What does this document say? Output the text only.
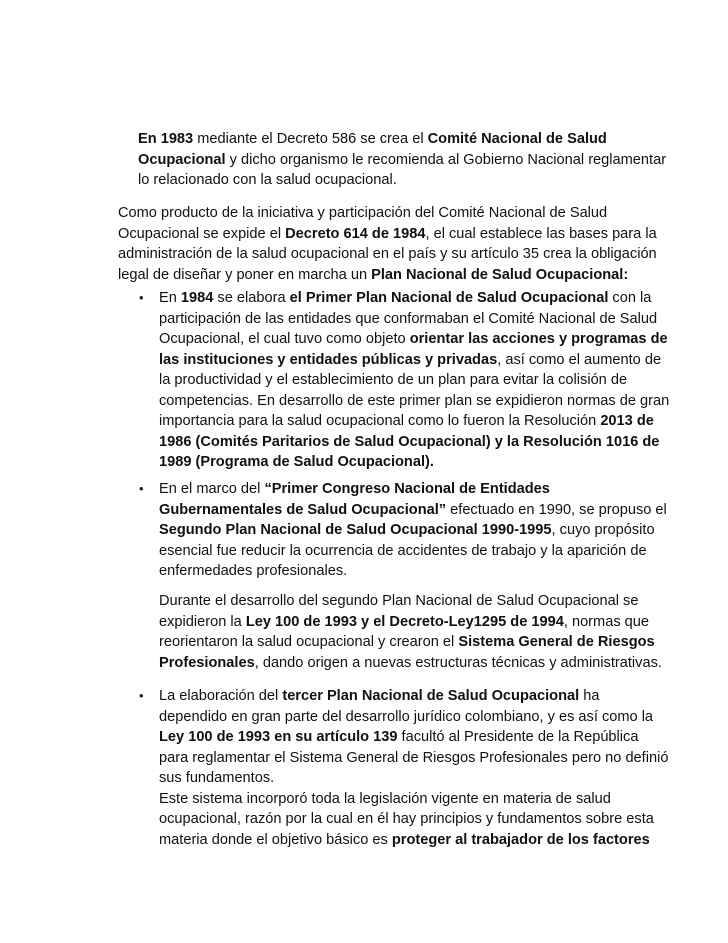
En 1983 mediante el Decreto 586 se crea el Comité Nacional de Salud
Ocupacional y dicho organismo le recomienda al Gobierno Nacional reglamentar
lo relacionado con la salud ocupacional.
Como producto de la iniciativa y participación del Comité Nacional de Salud
Ocupacional se expide el Decreto 614 de 1984, el cual establece las bases para la
administración de la salud ocupacional en el país y su artículo 35 crea la obligación
legal de diseñar y poner en marcha un Plan Nacional de Salud Ocupacional:
• En 1984 se elabora el Primer Plan Nacional de Salud Ocupacional con la
participación de las entidades que conformaban el Comité Nacional de Salud
Ocupacional, el cual tuvo como objeto orientar las acciones y programas de
las instituciones y entidades públicas y privadas, así como el aumento de
la productividad y el establecimiento de un plan para evitar la colisión de
competencias. En desarrollo de este primer plan se expidieron normas de gran
importancia para la salud ocupacional como lo fueron la Resolución 2013 de
1986 (Comités Paritarios de Salud Ocupacional) y la Resolución 1016 de
1989 (Programa de Salud Ocupacional).
• En el marco del “Primer Congreso Nacional de Entidades
Gubernamentales de Salud Ocupacional” efectuado en 1990, se propuso el
Segundo Plan Nacional de Salud Ocupacional 1990-1995, cuyo propósito
esencial fue reducir la ocurrencia de accidentes de trabajo y la aparición de
enfermedades profesionales.
Durante el desarrollo del segundo Plan Nacional de Salud Ocupacional se
expidieron la Ley 100 de 1993 y el Decreto-Ley1295 de 1994, normas que
reorientaron la salud ocupacional y crearon el Sistema General de Riesgos
Profesionales, dando origen a nuevas estructuras técnicas y administrativas.
• La elaboración del tercer Plan Nacional de Salud Ocupacional ha
dependido en gran parte del desarrollo jurídico colombiano, y es así como la
Ley 100 de 1993 en su artículo 139 facultó al Presidente de la República
para reglamentar el Sistema General de Riesgos Profesionales pero no definió
sus fundamentos.
Este sistema incorporó toda la legislación vigente en materia de salud
ocupacional, razón por la cual en él hay principios y fundamentos sobre esta
materia donde el objetivo básico es proteger al trabajador de los factores
